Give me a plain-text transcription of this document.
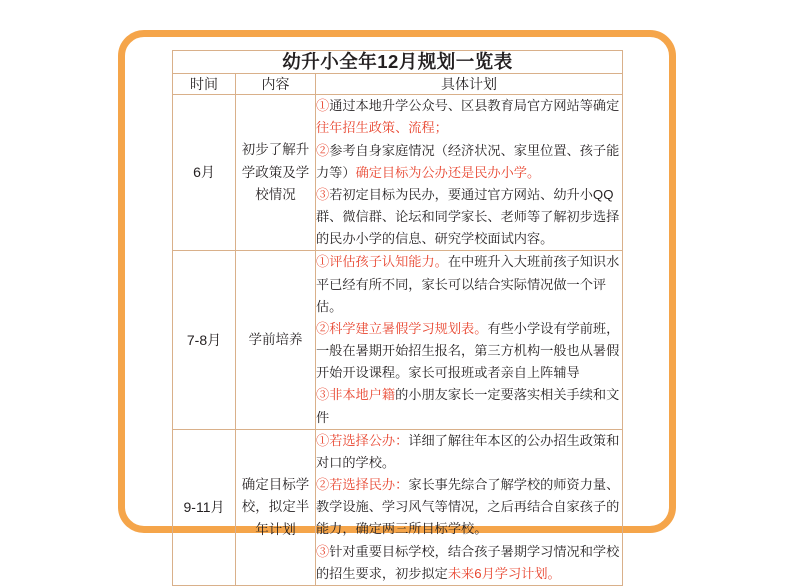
幼升小全年12月规划一览表		
时间	内容	具体计划
6月	初步了解升学政策及学校情况	①通过本地升学公众号、区县教育局官方网站等确定往年招生政策、流程；

②参考自身家庭情况（经济状况、家里位置、孩子能力等）确定目标为公办还是民办小学。

③若初定目标为民办，要通过官方网站、幼升小QQ群、微信群、论坛和同学家长、老师等了解初步选择的民办小学的信息、研究学校面试内容。

7-8月	学前培养	①评估孩子认知能力。在中班升入大班前孩子知识水平已经有所不同，家长可以结合实际情况做一个评估。

②科学建立暑假学习规划表。有些小学设有学前班，一般在暑期开始招生报名，第三方机构一般也从暑假开始开设课程。家长可报班或者亲自上阵辅导

③非本地户籍的小朋友家长一定要落实相关手续和文件

9-11月	确定目标学校，拟定半年计划	①若选择公办：详细了解往年本区的公办招生政策和对口的学校。

②若选择民办：家长事先综合了解学校的师资力量、教学设施、学习风气等情况，之后再结合自家孩子的能力，确定两三所目标学校。

③针对重要目标学校，结合孩子暑期学习情况和学校的招生要求，初步拟定未来6月学习计划。
